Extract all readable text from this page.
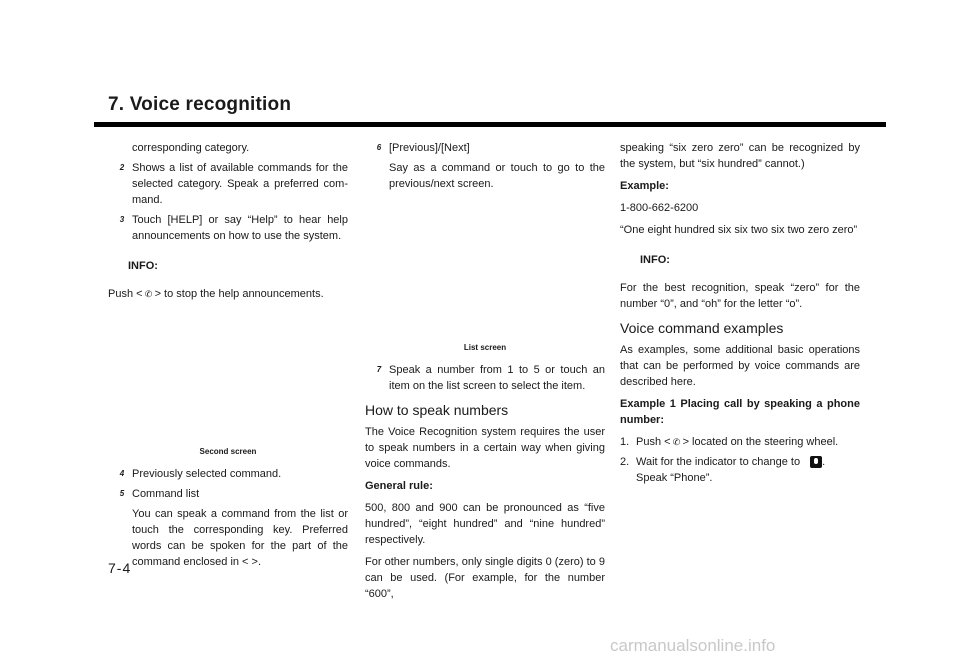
7. Voice recognition

corresponding category.

2 Shows a list of available commands for the selected category. Speak a preferred com- mand.
3 Touch [HELP] or say “Help” to hear help announcements on how to use the system.
INFO:

Push < ✆ > to stop the help announcements.

Second screen
4 Previously selected command.
5 Command list

You can speak a command from the list or touch the corresponding key. Preferred words can be spoken for the part of the command enclosed in < >.

6 [Previous]/[Next]

Say as a command or touch to go to the previous/next screen.

List screen
7 Speak a number from 1 to 5 or touch an item on the list screen to select the item.
How to speak numbers

The Voice Recognition system requires the user to speak numbers in a certain way when giving voice commands.

General rule:

500, 800 and 900 can be pronounced as “five hundred”, “eight hundred” and “nine hundred” respectively.

For other numbers, only single digits 0 (zero) to 9 can be used. (For example, for the number “600”,

speaking “six zero zero” can be recognized by the system, but “six hundred” cannot.)

Example:

1-800-662-6200

“One eight hundred six six two six two zero zero”

INFO:

For the best recognition, speak “zero” for the number “0”, and “oh” for the letter “o”.

Voice command examples

As examples, some additional basic operations that can be performed by voice commands are described here.

Example 1 Placing call by speaking a phone number:

1. Push < ✆ > located on the steering wheel.
2. Wait for the indicator to change to .
Speak “Phone”.
7-4
carmanualsonline.info
